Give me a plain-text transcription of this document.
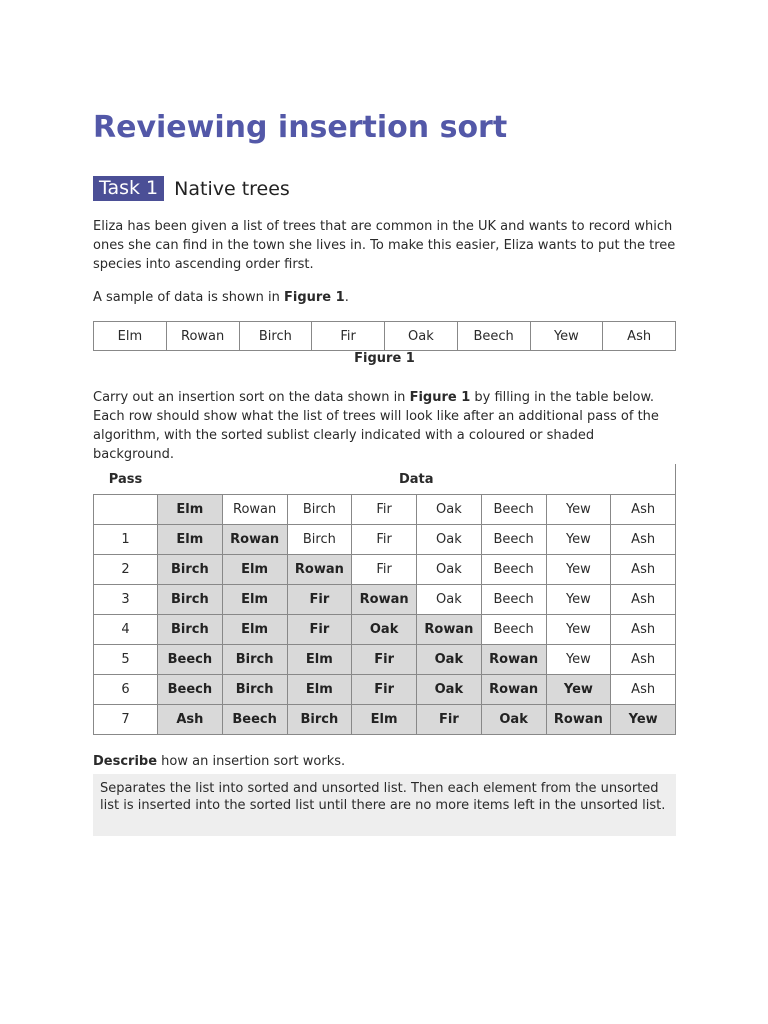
Reviewing insertion sort
Task 1 Native trees

Eliza has been given a list of trees that are common in the UK and wants to record which ones she can find in the town she lives in. To make this easier, Eliza wants to put the tree species into ascending order first.

A sample of data is shown in Figure 1.

Elm	Rowan	Birch	Fir	Oak	Beech	Yew	Ash
Figure 1

Carry out an insertion sort on the data shown in Figure 1 by filling in the table below. Each row should show what the list of trees will look like after an additional pass of the algorithm, with the sorted sublist clearly indicated with a coloured or shaded background.

Pass	Data							
	Elm	Rowan	Birch	Fir	Oak	Beech	Yew	Ash
1	Elm	Rowan	Birch	Fir	Oak	Beech	Yew	Ash
2	Birch	Elm	Rowan	Fir	Oak	Beech	Yew	Ash
3	Birch	Elm	Fir	Rowan	Oak	Beech	Yew	Ash
4	Birch	Elm	Fir	Oak	Rowan	Beech	Yew	Ash
5	Beech	Birch	Elm	Fir	Oak	Rowan	Yew	Ash
6	Beech	Birch	Elm	Fir	Oak	Rowan	Yew	Ash
7	Ash	Beech	Birch	Elm	Fir	Oak	Rowan	Yew

Describe how an insertion sort works.

Separates the list into sorted and unsorted list. Then each element from the unsorted list is inserted into the sorted list until there are no more items left in the unsorted list.
